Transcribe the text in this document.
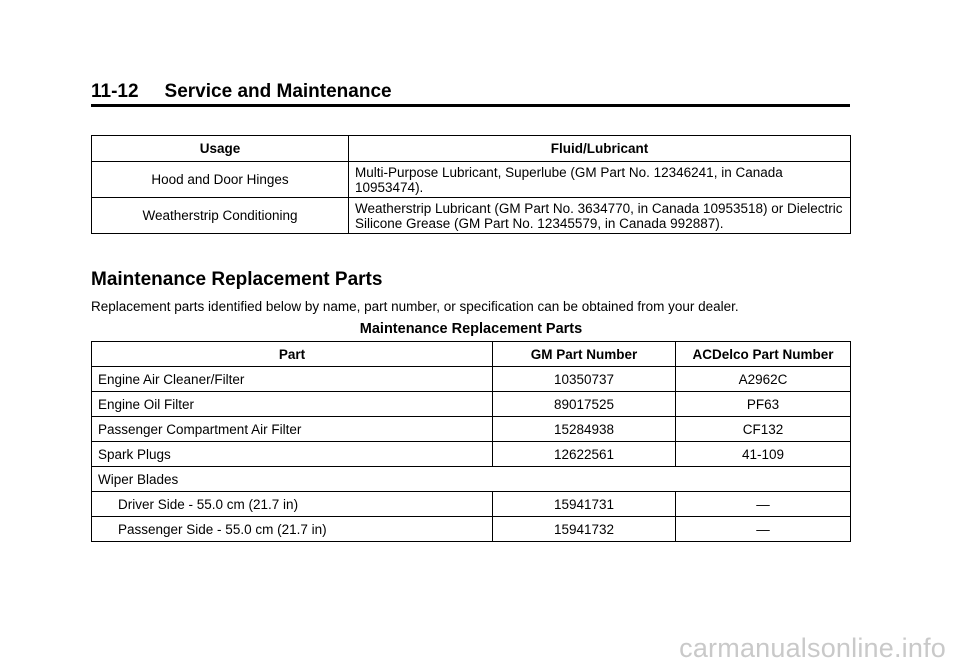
11-12 Service and Maintenance
Usage	Fluid/Lubricant
Hood and Door Hinges	Multi-Purpose Lubricant, Superlube (GM Part No. 12346241, in Canada 10953474).
Weatherstrip Conditioning	Weatherstrip Lubricant (GM Part No. 3634770, in Canada 10953518) or Dielectric Silicone Grease (GM Part No. 12345579, in Canada 992887).
Maintenance Replacement Parts
Replacement parts identified below by name, part number, or specification can be obtained from your dealer.
Maintenance Replacement Parts
Part	GM Part Number	ACDelco Part Number
Engine Air Cleaner/Filter	10350737	A2962C
Engine Oil Filter	89017525	PF63
Passenger Compartment Air Filter	15284938	CF132
Spark Plugs	12622561	41-109
Wiper Blades		
Driver Side - 55.0 cm (21.7 in)	15941731	—
Passenger Side - 55.0 cm (21.7 in)	15941732	—
carmanualsonline.info
